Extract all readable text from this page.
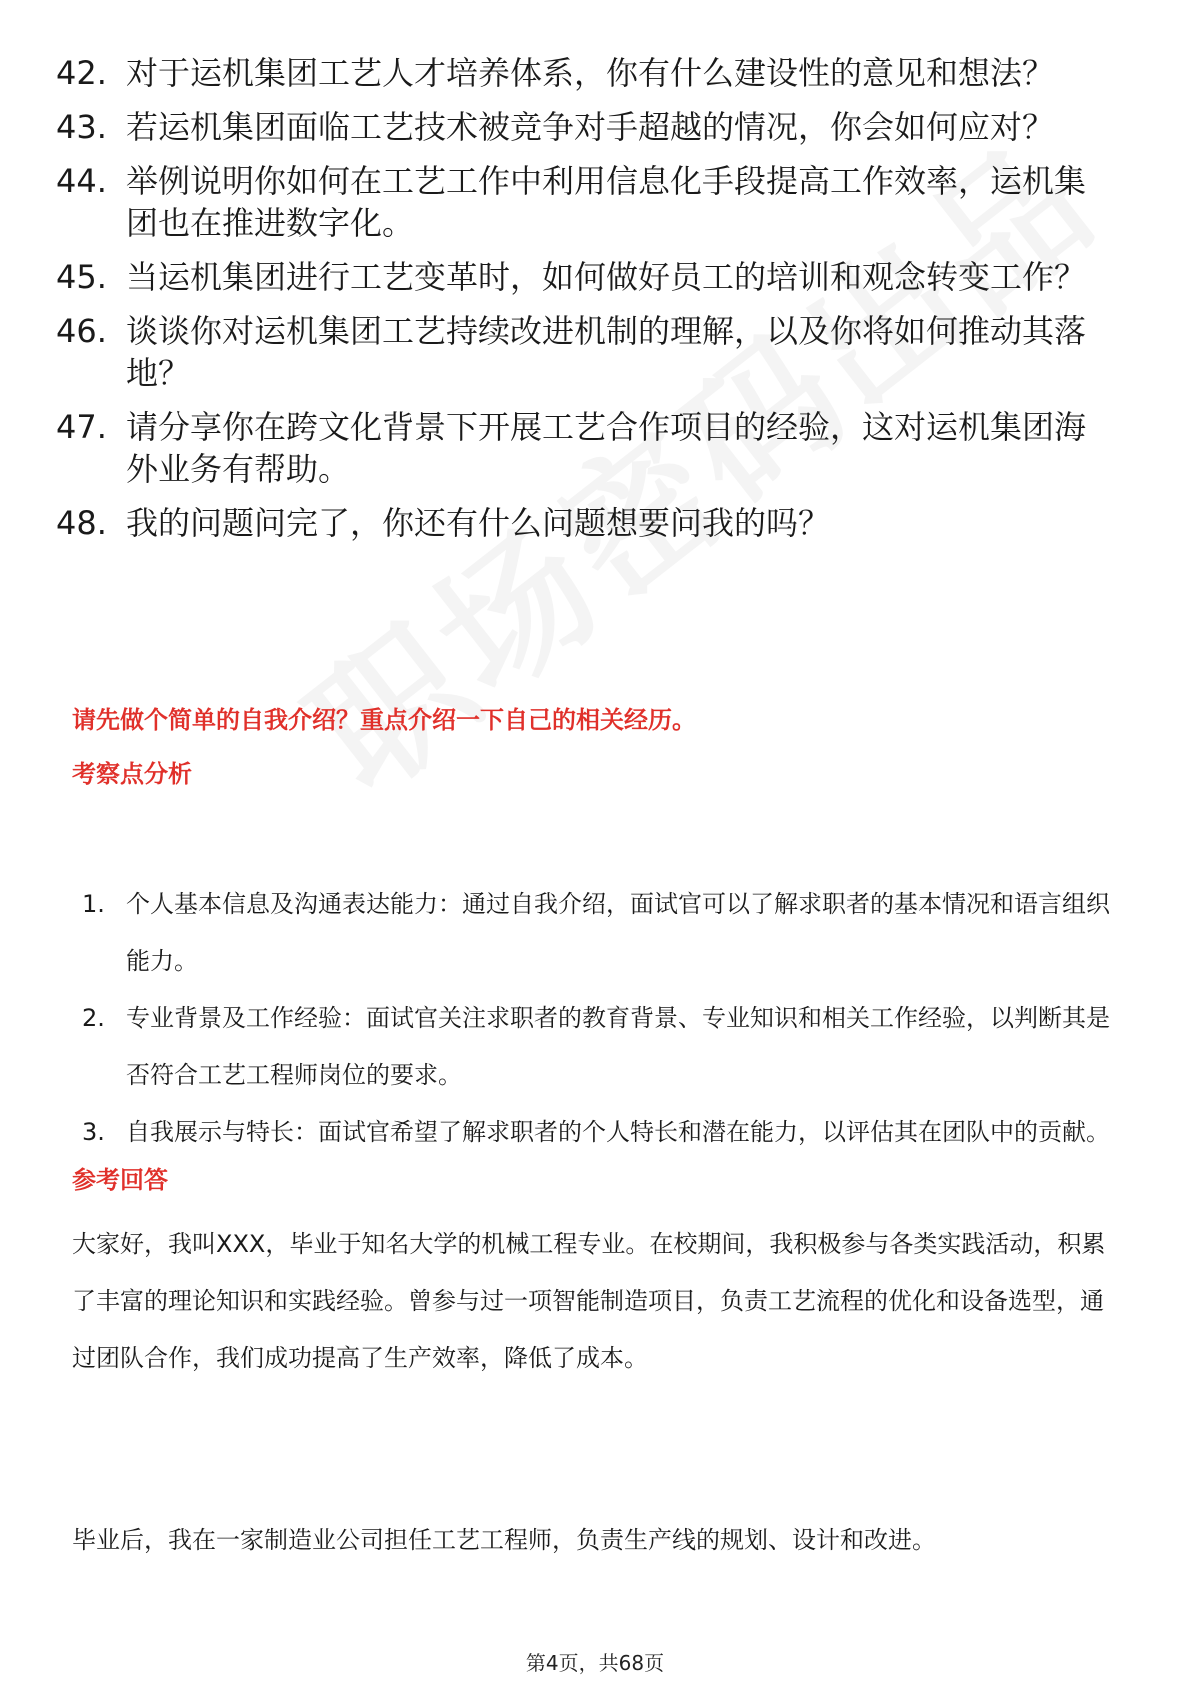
42. 对于运机集团工艺人才培养体系，你有什么建设性的意见和想法？
43. 若运机集团面临工艺技术被竞争对手超越的情况，你会如何应对？
44. 举例说明你如何在工艺工作中利用信息化手段提高工作效率，运机集团也在推进数字化。
45. 当运机集团进行工艺变革时，如何做好员工的培训和观念转变工作？
46. 谈谈你对运机集团工艺持续改进机制的理解，以及你将如何推动其落地？
47. 请分享你在跨文化背景下开展工艺合作项目的经验，这对运机集团海外业务有帮助。
48. 我的问题问完了，你还有什么问题想要问我的吗？
请先做个简单的自我介绍？重点介绍一下自己的相关经历。
考察点分析
1. 个人基本信息及沟通表达能力：通过自我介绍，面试官可以了解求职者的基本情况和语言组织能力。
2. 专业背景及工作经验：面试官关注求职者的教育背景、专业知识和相关工作经验，以判断其是否符合工艺工程师岗位的要求。
3. 自我展示与特长：面试官希望了解求职者的个人特长和潜在能力，以评估其在团队中的贡献。
参考回答

大家好，我叫XXX，毕业于知名大学的机械工程专业。在校期间，我积极参与各类实践活动，积累了丰富的理论知识和实践经验。曾参与过一项智能制造项目，负责工艺流程的优化和设备选型，通过团队合作，我们成功提高了生产效率，降低了成本。

毕业后，我在一家制造业公司担任工艺工程师，负责生产线的规划、设计和改进。

第4页，共68页
